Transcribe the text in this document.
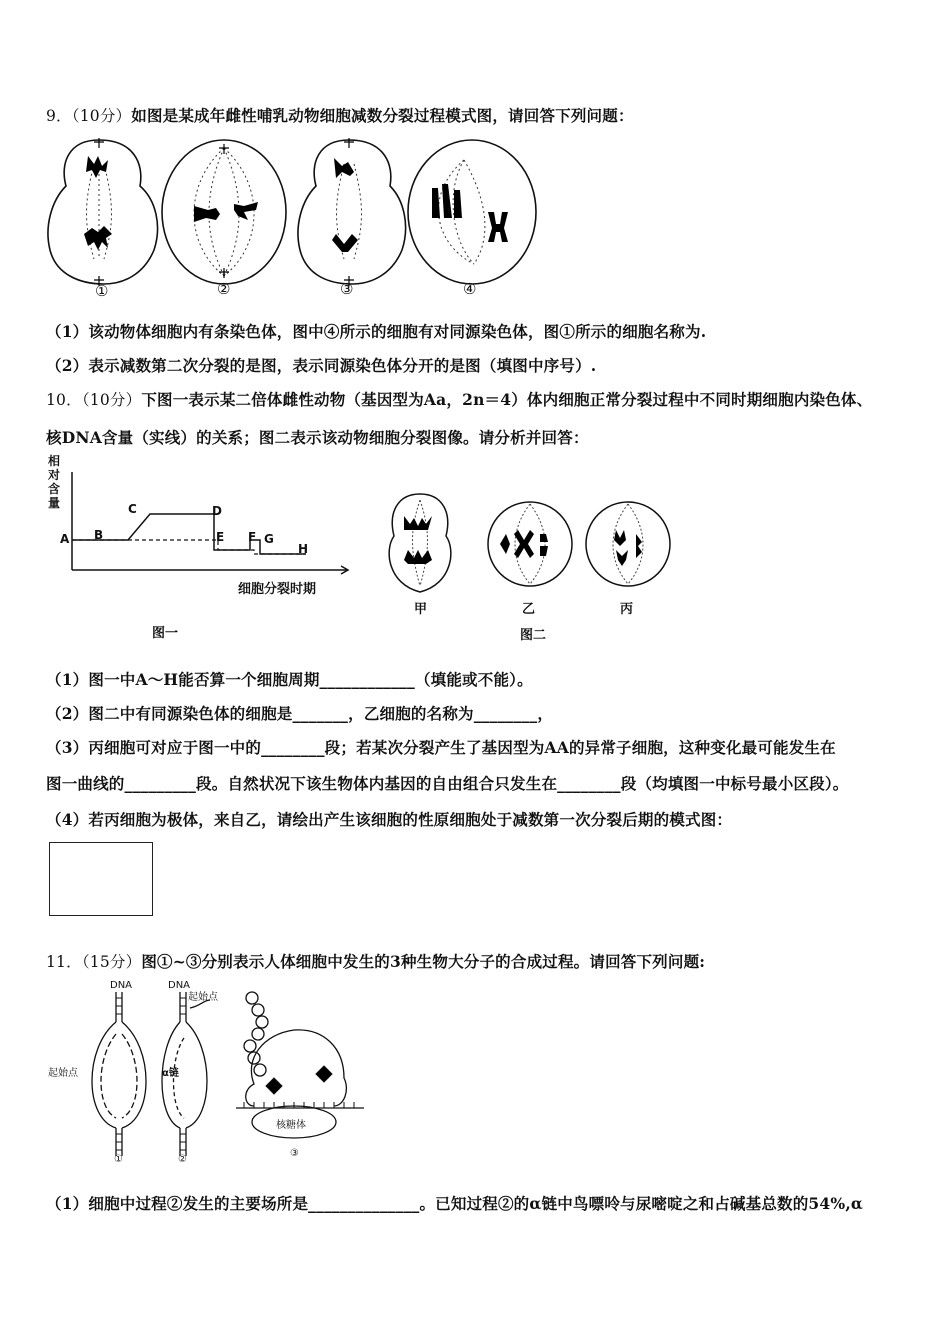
9．（10分）如图是某成年雌性哺乳动物细胞减数分裂过程模式图，请回答下列问题：
①	②	③	④
（1）该动物体细胞内有条染色体，图中④所示的细胞有对同源染色体，图①所示的细胞名称为.
（2）表示减数第二次分裂的是图，表示同源染色体分开的是图（填图中序号）.
10．（10分）下图一表示某二倍体雌性动物（基因型为Aa，2n＝4）体内细胞正常分裂过程中不同时期细胞内染色体、
核DNA含量（实线）的关系；图二表示该动物细胞分裂图像。请分析并回答：
相对含量
A B
C	D
E F G
H
细胞分裂时期
图一
甲	乙	丙
图二
（1）图一中A～H能否算一个细胞周期____________（填能或不能）。
（2）图二中有同源染色体的细胞是_______，乙细胞的名称为________，
（3）丙细胞可对应于图一中的________段；若某次分裂产生了基因型为AA的异常子细胞，这种变化最可能发生在
图一曲线的_________段。自然状况下该生物体内基因的自由组合只发生在________段（均填图一中标号最小区段）。
（4）若丙细胞为极体，来自乙，请绘出产生该细胞的性原细胞处于减数第一次分裂后期的模式图：
11．（15分）图①~③分别表示人体细胞中发生的3种生物大分子的合成过程。请回答下列问题:
DNA	DNA
起始点
起始点
α链
核糖体
①	②
③
（1）细胞中过程②发生的主要场所是______________。已知过程②的α链中鸟嘌呤与尿嘧啶之和占碱基总数的54%,α
